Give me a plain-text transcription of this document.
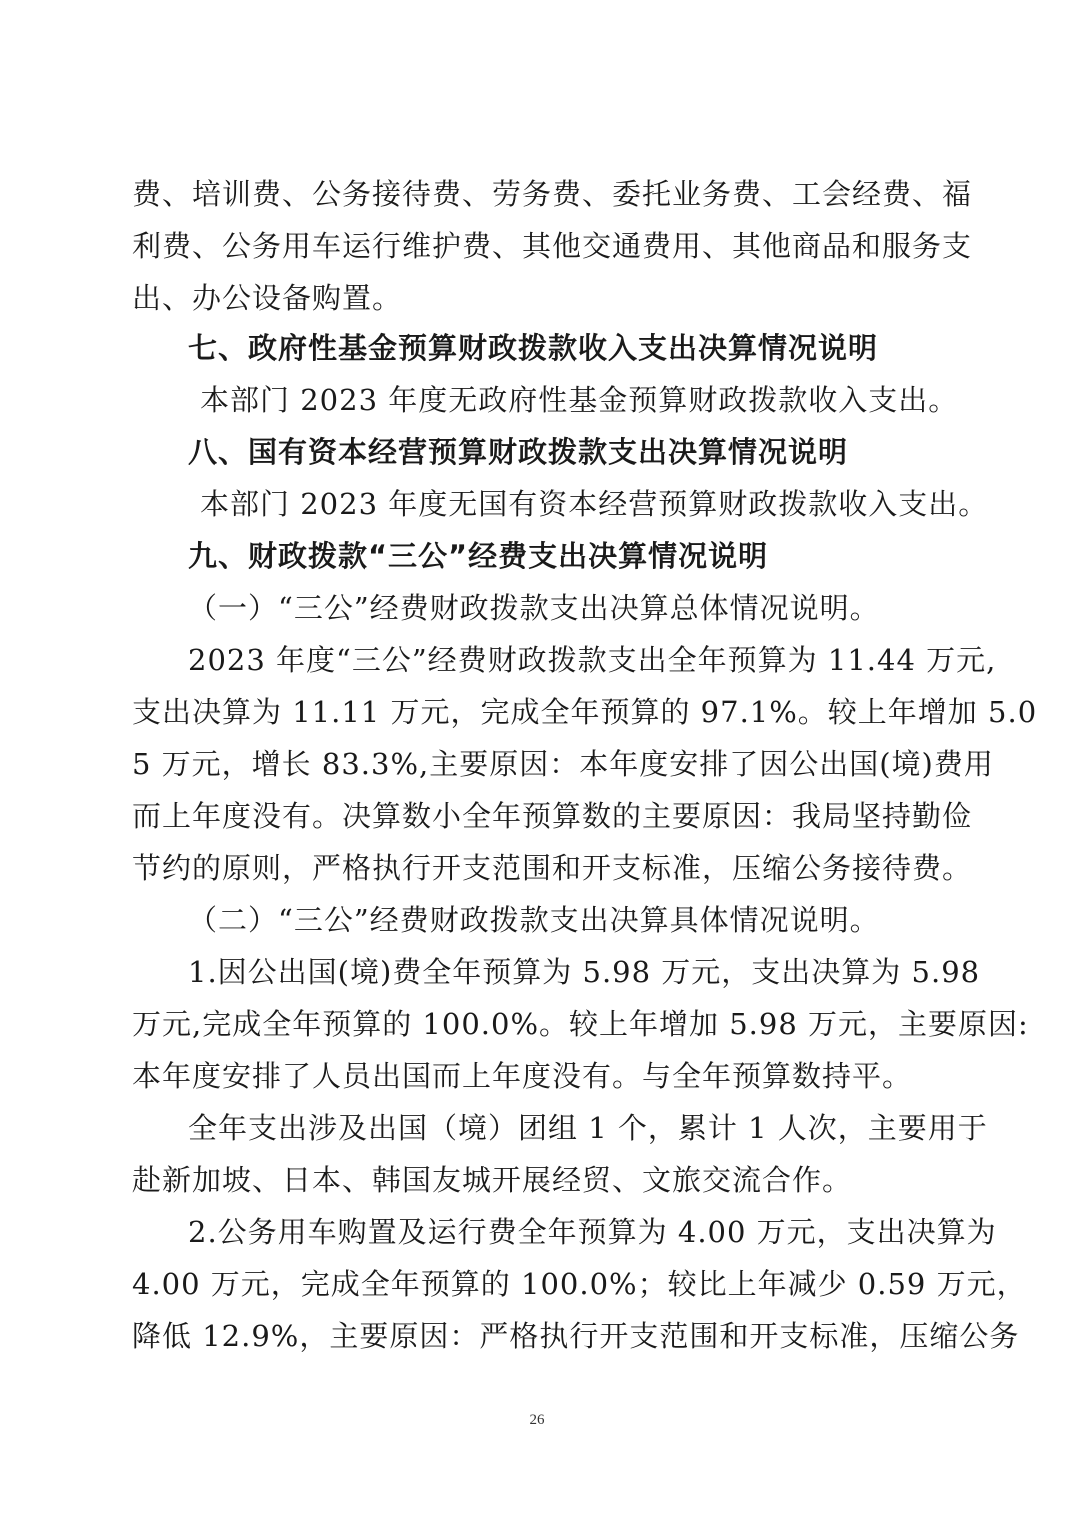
费、培训费、公务接待费、劳务费、委托业务费、工会经费、福
利费、公务用车运行维护费、其他交通费用、其他商品和服务支
出、办公设备购置。
七、政府性基金预算财政拨款收入支出决算情况说明
本部门 2023 年度无政府性基金预算财政拨款收入支出。
八、国有资本经营预算财政拨款支出决算情况说明
本部门 2023 年度无国有资本经营预算财政拨款收入支出。
九、财政拨款“三公”经费支出决算情况说明
（一）“三公”经费财政拨款支出决算总体情况说明。
2023 年度“三公”经费财政拨款支出全年预算为 11.44 万元,
支出决算为 11.11 万元，完成全年预算的 97.1%。较上年增加 5.0
5 万元，增长 83.3%,主要原因：本年度安排了因公出国(境)费用
而上年度没有。决算数小全年预算数的主要原因：我局坚持勤俭
节约的原则，严格执行开支范围和开支标准，压缩公务接待费。
（二）“三公”经费财政拨款支出决算具体情况说明。
1.因公出国(境)费全年预算为 5.98 万元，支出决算为 5.98
万元,完成全年预算的 100.0%。较上年增加 5.98 万元，主要原因:
本年度安排了人员出国而上年度没有。与全年预算数持平。
全年支出涉及出国（境）团组 1 个，累计 1 人次，主要用于
赴新加坡、日本、韩国友城开展经贸、文旅交流合作。
2.公务用车购置及运行费全年预算为 4.00 万元，支出决算为
4.00 万元，完成全年预算的 100.0%；较比上年减少 0.59 万元，
降低 12.9%，主要原因：严格执行开支范围和开支标准，压缩公务
26
